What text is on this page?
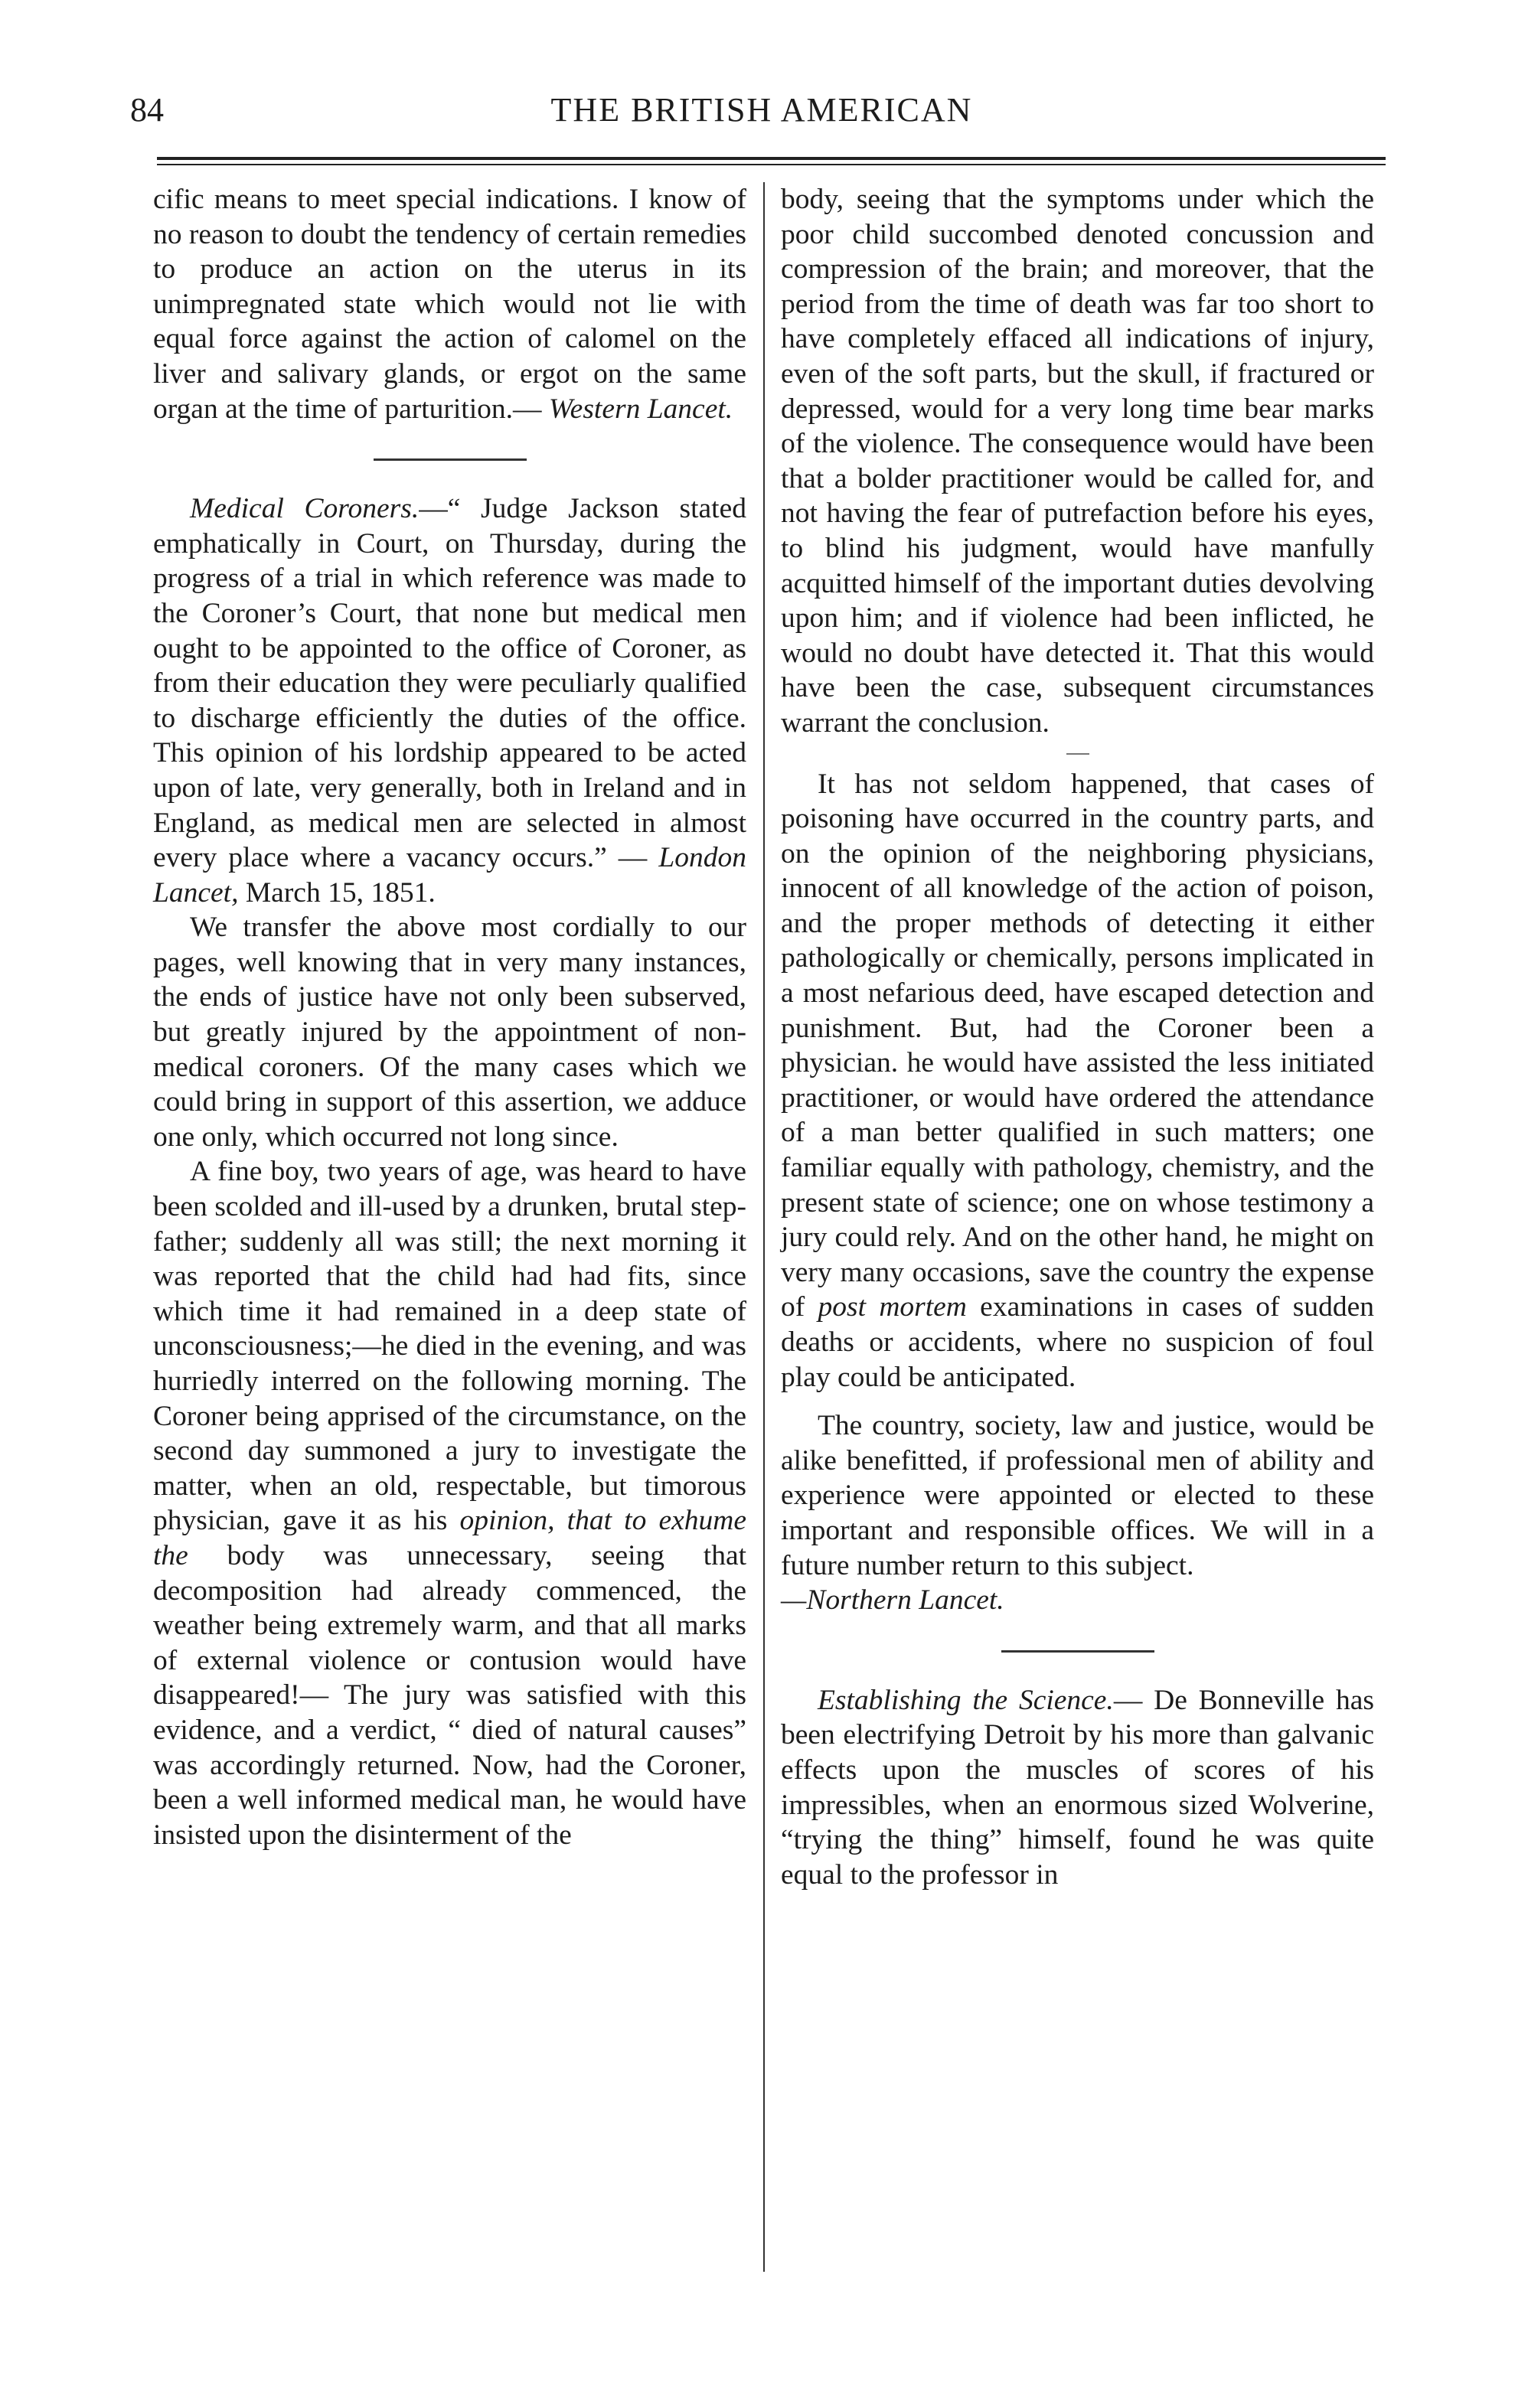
84	THE BRITISH AMERICAN

cific means to meet special indications. I know of no reason to doubt the tendency of certain remedies to produce an action on the uterus in its unimpregnated state which would not lie with equal force against the action of calomel on the liver and salivary glands, or ergot on the same organ at the time of parturition.— Western Lancet.

Medical Coroners.—“ Judge Jackson stated emphatically in Court, on Thursday, during the progress of a trial in which reference was made to the Coroner’s Court, that none but medical men ought to be appointed to the office of Coroner, as from their education they were peculiarly qualified to discharge efficiently the duties of the office. This opinion of his lordship appeared to be acted upon of late, very generally, both in Ireland and in England, as medical men are selected in almost every place where a vacancy occurs.” — London Lancet, March 15, 1851.

We transfer the above most cordially to our pages, well knowing that in very many instances, the ends of justice have not only been subserved, but greatly injured by the appointment of non-medical coroners. Of the many cases which we could bring in support of this assertion, we adduce one only, which occurred not long since.

A fine boy, two years of age, was heard to have been scolded and ill-used by a drunken, brutal step-father; suddenly all was still; the next morning it was reported that the child had had fits, since which time it had remained in a deep state of unconsciousness;—he died in the evening, and was hurriedly interred on the following morning. The Coroner being apprised of the circumstance, on the second day summoned a jury to investigate the matter, when an old, respectable, but timorous physician, gave it as his opinion, that to exhume the body was unnecessary, seeing that decomposition had already commenced, the weather being extremely warm, and that all marks of external violence or contusion would have disappeared!— The jury was satisfied with this evidence, and a verdict, “ died of natural causes” was accordingly returned. Now, had the Coroner, been a well informed medical man, he would have insisted upon the disinterment of the

body, seeing that the symptoms under which the poor child succombed denoted concussion and compression of the brain; and moreover, that the period from the time of death was far too short to have completely effaced all indications of injury, even of the soft parts, but the skull, if fractured or depressed, would for a very long time bear marks of the violence. The consequence would have been that a bolder practitioner would be called for, and not having the fear of putrefaction before his eyes, to blind his judgment, would have manfully acquitted himself of the important duties devolving upon him; and if violence had been inflicted, he would no doubt have detected it. That this would have been the case, subsequent circumstances warrant the conclusion.

It has not seldom happened, that cases of poisoning have occurred in the country parts, and on the opinion of the neighboring physicians, innocent of all knowledge of the action of poison, and the proper methods of detecting it either pathologically or chemically, persons implicated in a most nefarious deed, have escaped detection and punishment. But, had the Coroner been a physician. he would have assisted the less initiated practitioner, or would have ordered the attendance of a man better qualified in such matters; one familiar equally with pathology, chemistry, and the present state of science; one on whose testimony a jury could rely. And on the other hand, he might on very many occasions, save the country the expense of post mortem examinations in cases of sudden deaths or accidents, where no suspicion of foul play could be anticipated.

The country, society, law and justice, would be alike benefitted, if professional men of ability and experience were appointed or elected to these important and responsible offices. We will in a future number return to this subject.

—Northern Lancet.

Establishing the Science.— De Bonneville has been electrifying Detroit by his more than galvanic effects upon the muscles of scores of his impressibles, when an enormous sized Wolverine, “trying the thing” himself, found he was quite equal to the professor in
